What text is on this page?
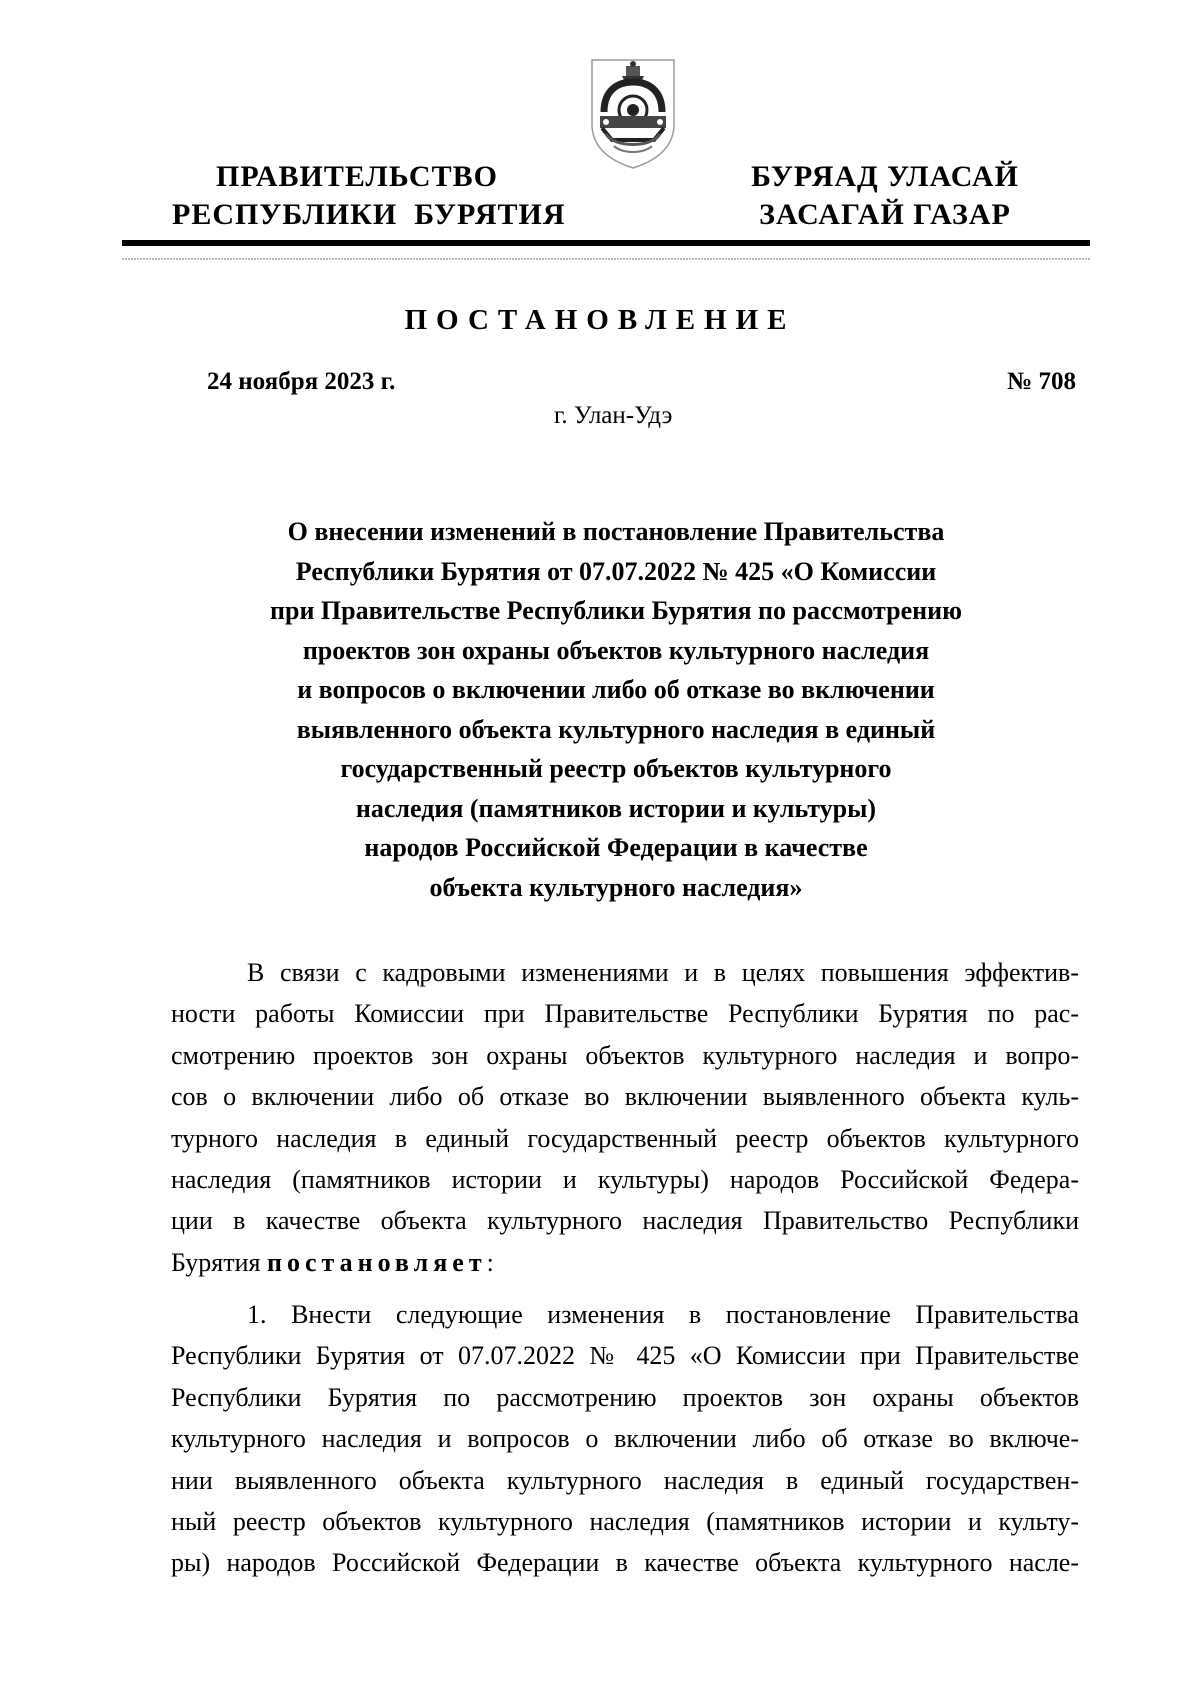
ПРАВИТЕЛЬСТВО
РЕСПУБЛИКИ  БУРЯТИЯ
БУРЯАД УЛАСАЙ
ЗАСАГАЙ ГАЗАР
ПОСТАНОВЛЕНИЕ
24 ноября 2023 г.	№ 708
г. Улан-Удэ
О внесении изменений в постановление Правительства
Республики Бурятия от 07.07.2022 № 425 «О Комиссии
при Правительстве Республики Бурятия по рассмотрению
проектов зон охраны объектов культурного наследия
и вопросов о включении либо об отказе во включении
выявленного объекта культурного наследия в единый
государственный реестр объектов культурного
наследия (памятников истории и культуры)
народов Российской Федерации в качестве
объекта культурного наследия»
В связи с кадровыми изменениями и в целях повышения эффектив-
ности работы Комиссии при Правительстве Республики Бурятия по рас-
смотрению проектов зон охраны объектов культурного наследия и вопро-
сов о включении либо об отказе во включении выявленного объекта куль-
турного наследия в единый государственный реестр объектов культурного
наследия (памятников истории и культуры) народов Российской Федера-
ции в качестве объекта культурного наследия Правительство Республики
Бурятия постановляет:
1. Внести следующие изменения в постановление Правительства
Республики Бурятия от 07.07.2022 № 425 «О Комиссии при Правительстве
Республики Бурятия по рассмотрению проектов зон охраны объектов
культурного наследия и вопросов о включении либо об отказе во включе-
нии выявленного объекта культурного наследия в единый государствен-
ный реестр объектов культурного наследия (памятников истории и культу-
ры) народов Российской Федерации в качестве объекта культурного насле-
